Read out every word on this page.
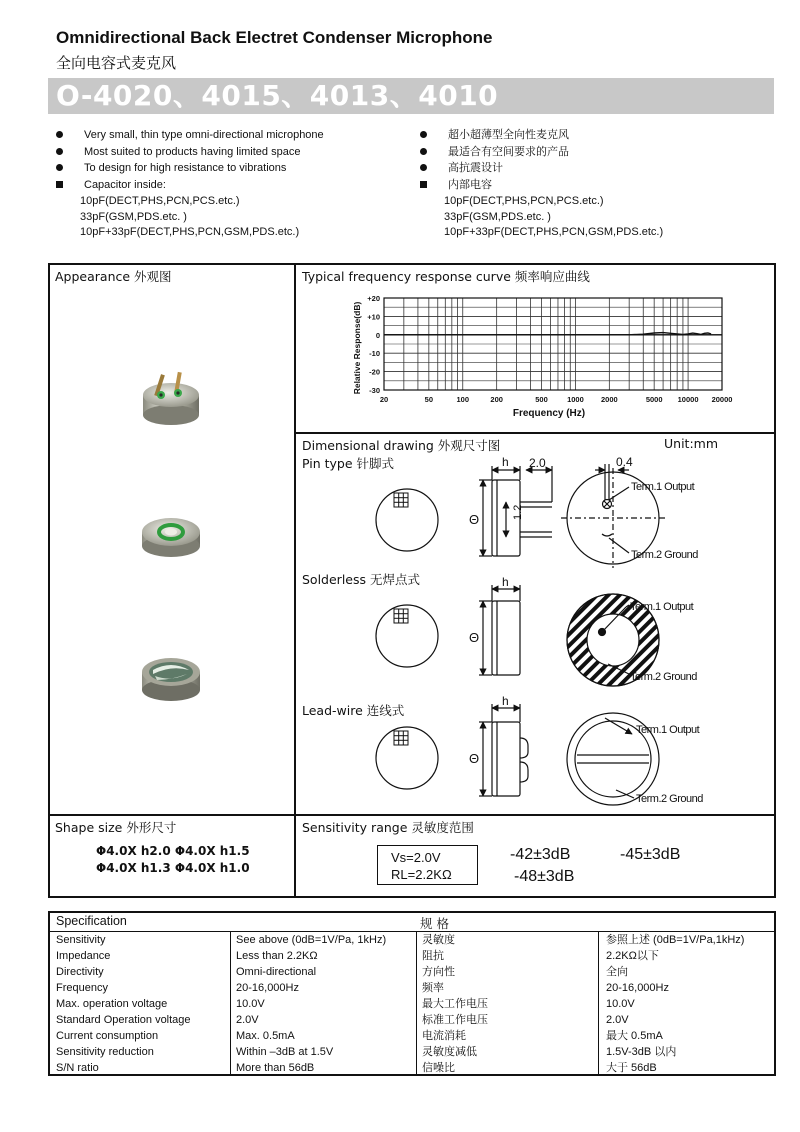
Omnidirectional Back Electret Condenser Microphone
全向电容式麦克风
O-4020、4015、4013、4010
Very small, thin type omni-directional microphone
Most suited to products having limited space
To design for high resistance to vibrations
Capacitor inside:
10pF(DECT,PHS,PCN,PCS.etc.)
33pF(GSM,PDS.etc. )
10pF+33pF(DECT,PHS,PCN,GSM,PDS.etc.)
超小超薄型全向性麦克风
最适合有空间要求的产品
高抗震设计
内部电容
10pF(DECT,PHS,PCN,PCS.etc.)
33pF(GSM,PDS.etc. )
10pF+33pF(DECT,PHS,PCN,GSM,PDS.etc.)
Appearance 外观图	Typical frequency response curve 频率响应曲线
Dimensional drawing 外观尺寸图	Unit:mm
Pin type 针脚式
Solderless 无焊点式
Lead-wire 连线式
Shape size 外形尺寸	Sensitivity range 灵敏度范围
20	50	100	200	500	1000 2000	5000 10000 20000
+20
+10
0
-10
-20
-30
Frequency (Hz)
Relative Response(dB)
h 2.0	0.4
Θ	1.2
Term.1 Output
Term.2 Ground
h
Θ
Term.1 Output
Term.2 Ground
h
Θ
Term.1 Output
Term.2 Ground
Φ4.0X h2.0 Φ4.0X h1.5
Φ4.0X h1.3 Φ4.0X h1.0
Vs=2.0V
RL=2.2KΩ
-42±3dB	-45±3dB
-48±3dB
Specification	规 格
Sensitivity	See above (0dB=1V/Pa, 1kHz)	灵敏度	参照上述 (0dB=1V/Pa,1kHz)
Impedance	Less than 2.2KΩ	阻抗	2.2KΩ以下
Directivity	Omni-directional	方向性	全向
Frequency	20-16,000Hz	频率	20-16,000Hz
Max. operation voltage	10.0V	最大工作电压	10.0V
Standard Operation voltage	2.0V	标准工作电压	2.0V
Current consumption	Max. 0.5mA	电流消耗	最大 0.5mA
Sensitivity reduction	Within –3dB at 1.5V	灵敏度减低	1.5V-3dB 以内
S/N ratio	More than 56dB	信噪比	大于 56dB
